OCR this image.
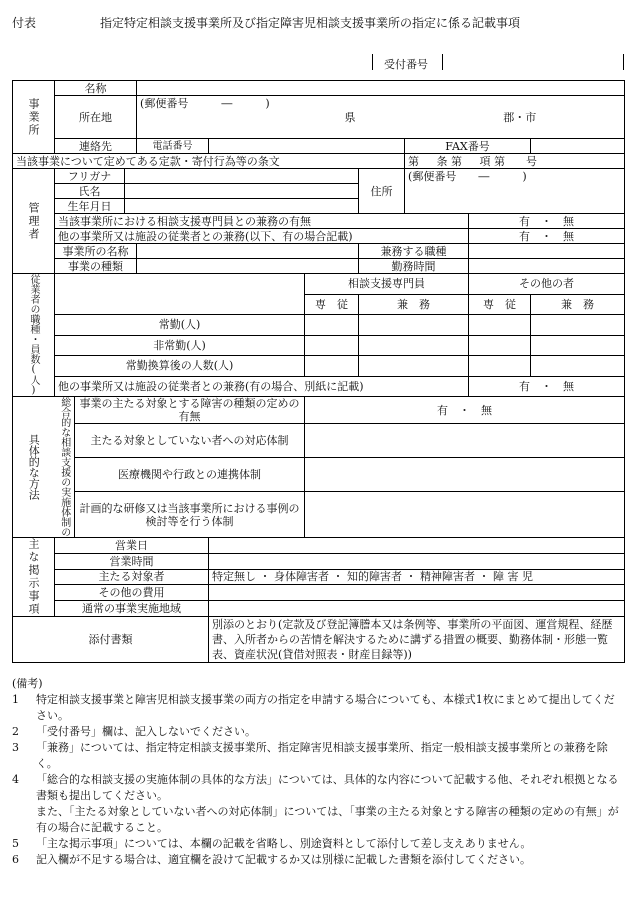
付表	指定特定相談支援事業所及び指定障害児相談支援事業所の指定に係る記載事項
受付番号
事業所	名称									
	所在地			(郵便番号　　　―　　　)						
				県			郡・市			

	連絡先			電話番号				FAX番号		
当該事業について定めてある定款・寄付行為等の条文								第 条 第 項 第 号		

管理者	フリガナ						住所	(郵便番号　　―　　　)		
	氏名									
	生年月日									
	当該事業所における相談支援専門員との兼務の有無								有　・　無	
	他の事業所又は施設の従業者との兼務(以下、有の場合記載)								有　・　無	
	事業所の名称						兼務する職種			
	事業の種類						勤務時間			

従業者の職種・員数(人)						相談支援専門員			その他の者	
						専　従	兼　務		専　従	兼　務
	常勤(人)									
	非常勤(人)									
	常勤換算後の人数(人)									
	他の事業所又は施設の従業者との兼務(有の場合、別紙に記載)								有　・　無	

具体的な方法	総合的な相談支援の実施体制の	事業の主たる対象とする障害の種類の定めの有無				有　・　無				

		主たる対象としていない者への対応体制								

		医療機関や行政との連携体制								

		計画的な研修又は当該事業所における事例の検討等を行う体制								

主な掲示事項	営業日									
	営業時間									
	主たる対象者				特定無し ・ 身体障害者 ・ 知的障害者 ・ 精神障害者 ・ 障 害 児					
	その他の費用									
	通常の事業実施地域									
添付書類					別添のとおり(定款及び登記簿謄本又は条例等、事業所の平面図、運営規程、経歴書、入所者からの苦情を解決するために講ずる措置の概要、勤務体制・形態一覧表、資産状況(貸借対照表・財産目録等))					
(備考)
1	特定相談支援事業と障害児相談支援事業の両方の指定を申請する場合についても、本様式1枚にまとめて提出してください。
2	「受付番号」欄は、記入しないでください。
3	「兼務」については、指定特定相談支援事業所、指定障害児相談支援事業所、指定一般相談支援事業所との兼務を除く。
4	「総合的な相談支援の実施体制の具体的な方法」については、具体的な内容について記載する他、それぞれ根拠となる書類も提出してください。
また、「主たる対象としていない者への対応体制」については、「事業の主たる対象とする障害の種類の定めの有無」が有の場合に記載すること。
5	「主な掲示事項」については、本欄の記載を省略し、別途資料として添付して差し支えありません。
6	記入欄が不足する場合は、適宜欄を設けて記載するか又は別様に記載した書類を添付してください。
